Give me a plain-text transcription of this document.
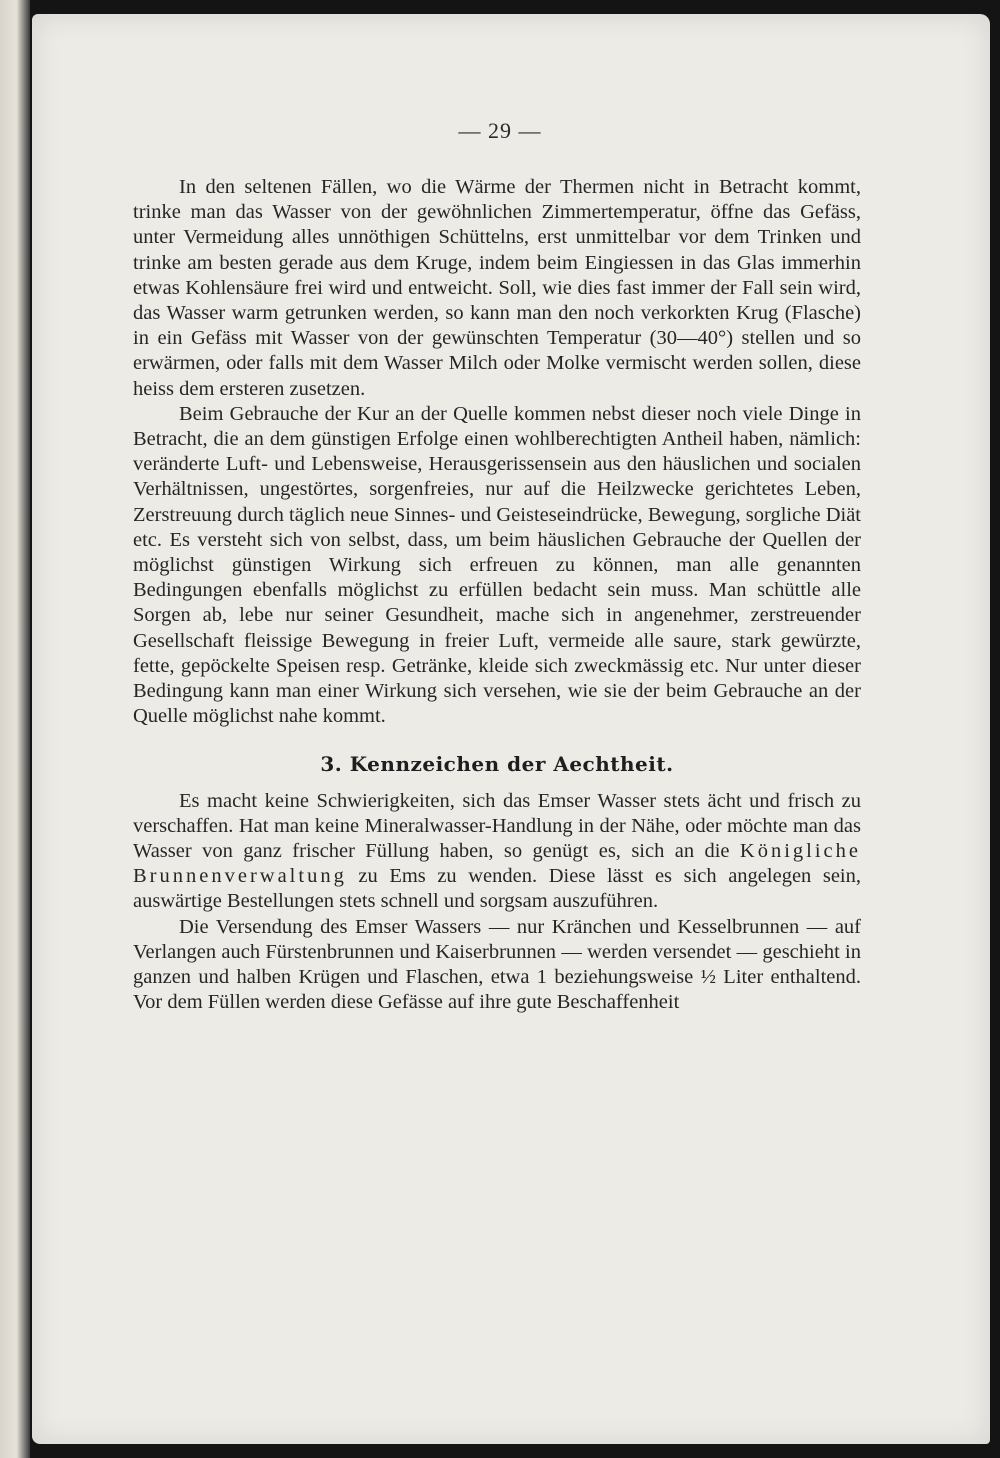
— 29 —

In den seltenen Fällen, wo die Wärme der Thermen nicht in Betracht kommt, trinke man das Wasser von der gewöhnlichen Zimmertemperatur, öffne das Gefäss, unter Vermeidung alles unnöthigen Schüttelns, erst unmittelbar vor dem Trinken und trinke am besten gerade aus dem Kruge, indem beim Eingiessen in das Glas immerhin etwas Kohlensäure frei wird und entweicht. Soll, wie dies fast immer der Fall sein wird, das Wasser warm getrunken werden, so kann man den noch verkorkten Krug (Flasche) in ein Gefäss mit Wasser von der gewünschten Temperatur (30—40°) stellen und so erwärmen, oder falls mit dem Wasser Milch oder Molke vermischt werden sollen, diese heiss dem ersteren zusetzen.

Beim Gebrauche der Kur an der Quelle kommen nebst dieser noch viele Dinge in Betracht, die an dem günstigen Erfolge einen wohlberechtigten Antheil haben, nämlich: veränderte Luft- und Lebensweise, Herausgerissensein aus den häuslichen und socialen Verhältnissen, ungestörtes, sorgenfreies, nur auf die Heilzwecke gerichtetes Leben, Zerstreuung durch täglich neue Sinnes- und Geisteseindrücke, Bewegung, sorgliche Diät etc. Es versteht sich von selbst, dass, um beim häuslichen Gebrauche der Quellen der möglichst günstigen Wirkung sich erfreuen zu können, man alle genannten Bedingungen ebenfalls möglichst zu erfüllen bedacht sein muss. Man schüttle alle Sorgen ab, lebe nur seiner Gesundheit, mache sich in angenehmer, zerstreuender Gesellschaft fleissige Bewegung in freier Luft, vermeide alle saure, stark gewürzte, fette, gepöckelte Speisen resp. Getränke, kleide sich zweckmässig etc. Nur unter dieser Bedingung kann man einer Wirkung sich versehen, wie sie der beim Gebrauche an der Quelle möglichst nahe kommt.

3. Kennzeichen der Aechtheit.

Es macht keine Schwierigkeiten, sich das Emser Wasser stets ächt und frisch zu verschaffen. Hat man keine Mineralwasser-Handlung in der Nähe, oder möchte man das Wasser von ganz frischer Füllung haben, so genügt es, sich an die Königliche Brunnenverwaltung zu Ems zu wenden. Diese lässt es sich angelegen sein, auswärtige Bestellungen stets schnell und sorgsam auszuführen.

Die Versendung des Emser Wassers — nur Kränchen und Kesselbrunnen — auf Verlangen auch Fürstenbrunnen und Kaiserbrunnen — werden versendet — geschieht in ganzen und halben Krügen und Flaschen, etwa 1 beziehungsweise ½ Liter enthaltend. Vor dem Füllen werden diese Gefässe auf ihre gute Beschaffenheit
